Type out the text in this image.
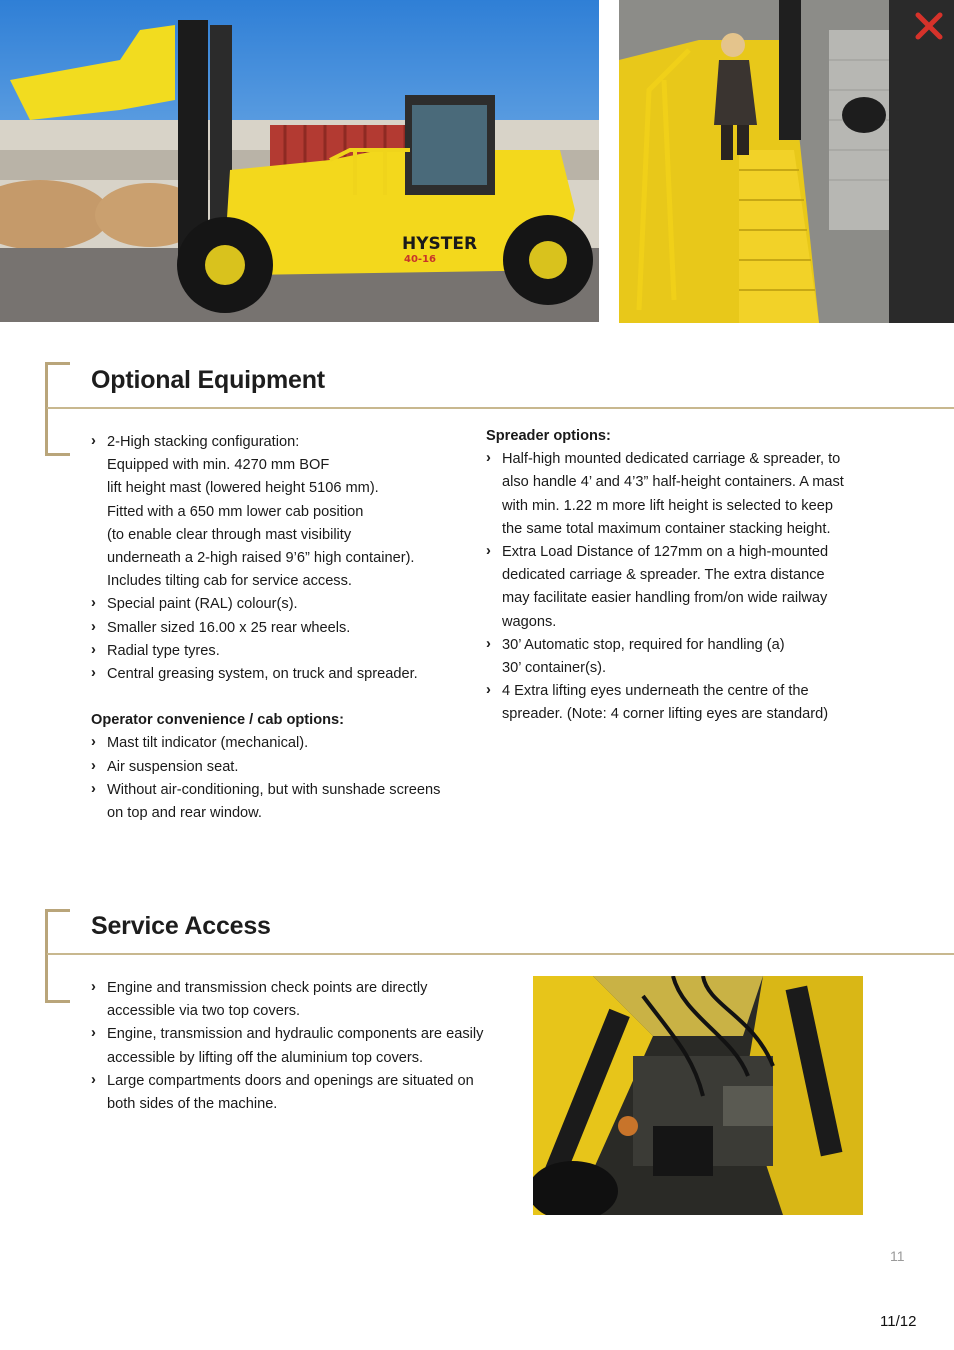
HYSTER
40-16
Optional Equipment
› 2-High stacking configuration:
Equipped with min. 4270 mm BOF
lift height mast (lowered height 5106 mm).
Fitted with a 650 mm lower cab position
(to enable clear through mast visibility
underneath a 2-high raised 9’6” high container).
Includes tilting cab for service access.
› Special paint (RAL) colour(s).
› Smaller sized 16.00 x 25 rear wheels.
› Radial type tyres.
› Central greasing system, on truck and spreader.
Operator convenience / cab options:
› Mast tilt indicator (mechanical).
› Air suspension seat.
› Without air-conditioning, but with sunshade screens
on top and rear window.
Spreader options:
› Half-high mounted dedicated carriage & spreader, to
also handle 4’ and 4’3” half-height containers. A mast
with min. 1.22 m more lift height is selected to keep
the same total maximum container stacking height.
› Extra Load Distance of 127mm on a high-mounted
dedicated carriage & spreader. The extra distance
may facilitate easier handling from/on wide railway
wagons.
› 30’ Automatic stop, required for handling (a)
30’ container(s).
› 4 Extra lifting eyes underneath the centre of the
spreader. (Note: 4 corner lifting eyes are standard)
Service Access
› Engine and transmission check points are directly
accessible via two top covers.
› Engine, transmission and hydraulic components are easily
accessible by lifting off the aluminium top covers.
› Large compartments doors and openings are situated on
both sides of the machine.
11
11/12
